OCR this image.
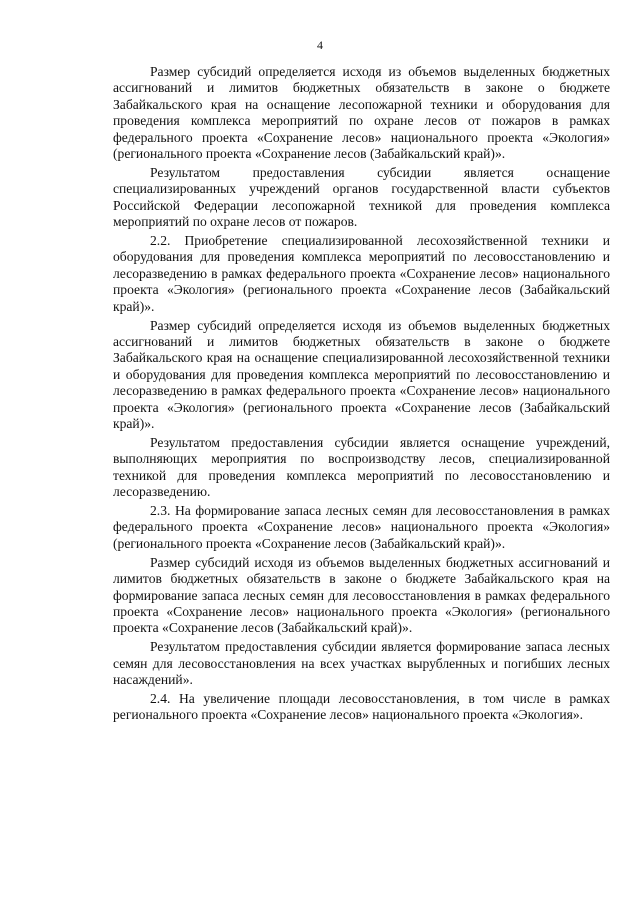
4

Размер субсидий определяется исходя из объемов выделенных бюджетных ассигнований и лимитов бюджетных обязательств в законе о бюджете Забайкальского края на оснащение лесопожарной техники и оборудования для проведения комплекса мероприятий по охране лесов от пожаров в рамках федерального проекта «Сохранение лесов» национального проекта «Экология» (регионального проекта «Сохранение лесов (Забайкальский край)».

Результатом предоставления субсидии является оснащение специализированных учреждений органов государственной власти субъектов Российской Федерации лесопожарной техникой для проведения комплекса мероприятий по охране лесов от пожаров.

2.2. Приобретение специализированной лесохозяйственной техники и оборудования для проведения комплекса мероприятий по лесовосстановлению и лесоразведению в рамках федерального проекта «Сохранение лесов» национального проекта «Экология» (регионального проекта «Сохранение лесов (Забайкальский край)».

Размер субсидий определяется исходя из объемов выделенных бюджетных ассигнований и лимитов бюджетных обязательств в законе о бюджете Забайкальского края на оснащение специализированной лесохозяйственной техники и оборудования для проведения комплекса мероприятий по лесовосстановлению и лесоразведению в рамках федерального проекта «Сохранение лесов» национального проекта «Экология» (регионального проекта «Сохранение лесов (Забайкальский край)».

Результатом предоставления субсидии является оснащение учреждений, выполняющих мероприятия по воспроизводству лесов, специализированной техникой для проведения комплекса мероприятий по лесовосстановлению и лесоразведению.

2.3. На формирование запаса лесных семян для лесовосстановления в рамках федерального проекта «Сохранение лесов» национального проекта «Экология» (регионального проекта «Сохранение лесов (Забайкальский край)».

Размер субсидий исходя из объемов выделенных бюджетных ассигнований и лимитов бюджетных обязательств в законе о бюджете Забайкальского края на формирование запаса лесных семян для лесовосстановления в рамках федерального проекта «Сохранение лесов» национального проекта «Экология» (регионального проекта «Сохранение лесов (Забайкальский край)».

Результатом предоставления субсидии является формирование запаса лесных семян для лесовосстановления на всех участках вырубленных и погибших лесных насаждений».

2.4. На увеличение площади лесовосстановления, в том числе в рамках регионального проекта «Сохранение лесов» национального проекта «Экология».
